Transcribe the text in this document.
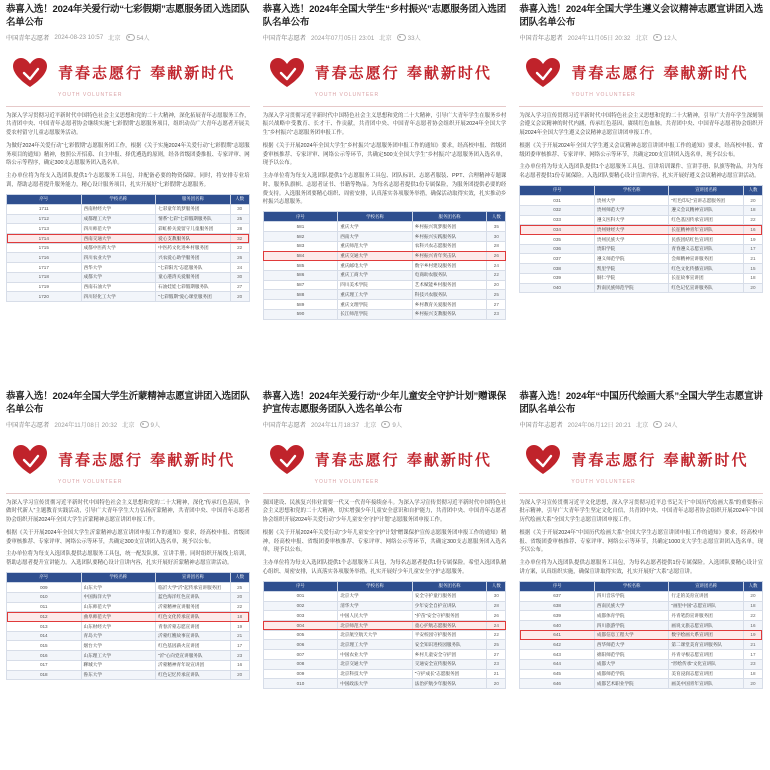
恭喜入选！2024年关爱行动“七彩假期”志愿服务团入选团队名单公布
中国青年志愿者 2024-08-23 10:57 北京	54人
青春志愿行 奉献新时代
YOUTH VOLUNTEER
为深入学习贯彻习近平新时代中国特色社会主义思想和党的二十大精神，深化拓展青年志愿服务工作，共青团中央、中国青年志愿者协会继续实施“七彩假期”志愿服务项目，组织动员广大青年志愿者开展关爱农村留守儿童志愿服务活动。
为做好2024年关爱行动“七彩假期”志愿服务团工作，根据《关于实施2024年关爱行动“七彩假期”志愿服务项目的通知》精神，按照公开招募、自主申报、择优遴选的原则，经各省级团委推报、专家评审、网络公示等程序，确定300支志愿服务团入选名单。
主办单位将为每支入选团队提供1个志愿服务工具包，并配备必要的物资保障。同时，将安排专业培训，帮助志愿者提升服务能力，精心设计服务项目，扎实开展好“七彩假期”志愿服务。
序号	学校名称	服务团名称	人数
1711	西南财经大学	七彩童年筑梦服务团	30
1712	成都理工大学	情系“七彩”七彩假期服务队	25
1713	四川师范大学	彩虹桥关爱留守儿童服务团	28
1714	西南交通大学	爱心支教服务队	32
1715	成都中医药大学	中医药文化进乡村服务团	22
1716	四川农业大学	兴农爱心助学服务团	26
1717	西华大学	“七彩阳光”志愿服务队	24
1718	成都大学	童心港湾关爱服务团	30
1719	西南石油大学	石油娃娃七彩假期服务队	27
1720	四川轻化工大学	“七彩假期”爱心课堂服务团	20
恭喜入选！2024年全国大学生“乡村振兴”志愿服务团入选团队名单公布
中国青年志愿者 2024年07月05日 23:01 北京	33人
青春志愿行 奉献新时代
YOUTH VOLUNTEER
为深入学习贯彻习近平新时代中国特色社会主义思想和党的二十大精神，引导广大青年学生在服务乡村振兴战略中受教育、长才干、作贡献，共青团中央、中国青年志愿者协会组织开展2024年全国大学生“乡村振兴”志愿服务团申报工作。
根据《关于开展2024年全国大学生“乡村振兴”志愿服务团申报工作的通知》要求，经高校申报、省级团委审核推荐、专家评审、网络公示等环节，共确定500支全国大学生“乡村振兴”志愿服务团入选名单，现予以公布。
主办单位将为每支入选团队提供1个志愿服务工具包、团队标识、志愿者服装、PPT、合理精神专题课时、服务队旗帜、志愿者证书、书籍等物品。为每名志愿者提供1份专属保险，为服务团提供必要的经费支持。入选服务团要精心组织、周密安排，认真落实各项服务举措，确保活动取得实效，扎实推动乡村振兴志愿服务。
序号	学校名称	服务团名称	人数
581	重庆大学	乡村振兴筑梦服务团	35
582	西南大学	乡村振兴实践服务队	30
583	重庆师范大学	农科兴农志愿服务团	28
584	重庆交通大学	乡村振兴青年突击队	26
585	重庆邮电大学	数字乡村建设服务团	24
586	重庆工商大学	电商助农服务队	22
587	四川美术学院	艺术赋能乡村服务团	20
588	重庆理工大学	科技兴农服务队	25
589	重庆文理学院	乡村教育关爱服务团	27
590	长江师范学院	乡村振兴支教服务队	23
恭喜入选！2024年全国大学生遵义会议精神志愿宣讲团入选团队名单公布
中国青年志愿者 2024年11月05日 20:32 北京	12人
青春志愿行 奉献新时代
YOUTH VOLUNTEER
为深入学习宣传贯彻习近平新时代中国特色社会主义思想和党的二十大精神，引导广大青年学生深刻领会遵义会议精神的时代内涵，传承红色基因，赓续红色血脉，共青团中央、中国青年志愿者协会组织开展2024年全国大学生遵义会议精神志愿宣讲团申报工作。
根据《关于开展2024年全国大学生遵义会议精神志愿宣讲团申报工作的通知》要求，经高校申报、省级团委审核推荐、专家评审、网络公示等环节，共确定200支宣讲团入选名单，现予以公布。
主办单位将为每支入选团队提供1个志愿服务工具包、宣讲培训课件、宣讲手册、队旗等物品，并为每名志愿者提供1份专属保险。入选团队要精心设计宣讲内容，扎实开展好遵义会议精神志愿宣讲活动。
序号	学校名称	宣讲团名称	人数
031	贵州大学	“红色印记”宣讲志愿服务团	20
032	贵州师范大学	遵义会议精神宣讲队	18
033	遵义医科大学	红色基因传承宣讲团	22
034	贵州财经大学	长征精神青年宣讲队	16
035	贵州民族大学	民族团结红色宣讲团	19
036	贵阳学院	青春遵义志愿宣讲队	17
037	遵义师范学院	会师精神宣讲服务团	21
038	凯里学院	红色文化传播宣讲队	15
039	铜仁学院	长征故事宣讲团	18
040	黔南民族师范学院	红色记忆宣讲服务队	20
恭喜入选！2024年全国大学生沂蒙精神志愿宣讲团入选团队名单公布
中国青年志愿者 2024年11月08日 20:32 北京	9人
青春志愿行 奉献新时代
YOUTH VOLUNTEER
为深入学习宣传贯彻习近平新时代中国特色社会主义思想和党的二十大精神，深化“传承红色基因，争做时代新人”主题教育实践活动，引导广大青年学生大力弘扬沂蒙精神，共青团中央、中国青年志愿者协会组织开展2024年全国大学生沂蒙精神志愿宣讲团申报工作。
根据《关于开展2024年全国大学生沂蒙精神志愿宣讲团申报工作的通知》要求，经高校申报、省级团委审核推荐、专家评审、网络公示等环节，共确定300支宣讲团入选名单，现予以公布。
主办单位将为每支入选团队提供志愿服务工具包，统一配发队旗、宣讲手册。同时组织开展线上培训，帮助志愿者提升宣讲能力。入选团队要精心设计宣讲内容，扎实开展好沂蒙精神志愿宣讲活动。
序号	学校名称	宣讲团名称	人数
009	山东大学	临沂大学“沂”起传承宣讲服务团	25
010	中国海洋大学	蓝色海洋红色宣讲队	20
011	山东师范大学	沂蒙精神宣讲服务团	22
012	曲阜师范大学	红色文化传承宣讲队	18
013	山东财经大学	青春沂蒙志愿宣讲团	19
014	青岛大学	沂蒙红嫂故事宣讲队	21
015	烟台大学	红色基因薪火宣讲团	17
016	山东理工大学	“沂”心向党宣讲服务队	23
017	聊城大学	沂蒙精神青年说宣讲团	16
018	鲁东大学	红色记忆传承宣讲队	20
恭喜入选！2024年关爱行动“少年儿童安全守护计划”赠课保护宣传志愿服务团队入选名单公布
中国青年志愿者 2024年11月18:37 北京	9人
青春志愿行 奉献新时代
YOUTH VOLUNTEER
强国建设、民族复兴伟业需要一代又一代青年接续奋斗。为深入学习宣传贯彻习近平新时代中国特色社会主义思想和党的二十大精神，切实增强少年儿童安全意识和自护能力，共青团中央、中国青年志愿者协会组织开展2024年关爱行动“少年儿童安全守护计划”志愿服务团申报工作。
根据《关于开展2024年关爱行动“少年儿童安全守护计划”赠课保护宣传志愿服务团申报工作的通知》精神，经高校申报、省级团委审核推荐、专家评审、网络公示等环节，共确定300支志愿服务团入选名单，现予以公布。
主办单位将为每支入选团队提供1个志愿服务工具包，为每名志愿者提供1份专属保险。希望入选团队精心组织、周密安排，认真落实各项服务举措，扎实开展好少年儿童安全守护志愿服务。
序号	学校名称	服务团名称	人数
001	北京大学	安全守护童行服务团	30
002	清华大学	少年安全自护宣讲队	28
003	中国人民大学	“护苗”安全守护服务团	26
004	北京师范大学	童心护航志愿服务队	24
005	北京航空航天大学	平安校园守护服务团	22
006	北京理工大学	安全知识进校园服务队	25
007	中国农业大学	乡村儿童安全守护团	27
008	北京交通大学	交通安全宣传服务队	23
009	北京科技大学	“守护成长”志愿服务团	21
010	中国政法大学	法治护航少年服务队	20
恭喜入选！2024年“中国历代绘画大系”全国大学生志愿宣讲团队名单公布
中国青年志愿者 2024年06月12日 20:21 北京	24人
青春志愿行 奉献新时代
YOUTH VOLUNTEER
为深入学习宣传贯彻习近平文化思想，深入学习贯彻习近平总书记关于“中国历代绘画大系”的重要指示批示精神，引导广大青年学生坚定文化自信，共青团中央、中国青年志愿者协会组织开展2024年“中国历代绘画大系”全国大学生志愿宣讲团申报工作。
根据《关于开展2024年“中国历代绘画大系”全国大学生志愿宣讲团申报工作的通知》要求，经高校申报、省级团委审核推荐、专家评审、网络公示等环节，共确定1000支大学生志愿宣讲团入选名单，现予以公布。
主办单位将为入选团队提供志愿服务工具包，为每名志愿者提供1份专属保险。入选团队要精心设计宣讲方案，认真组织实施，确保宣讲取得实效，扎实开展好“大系”志愿宣讲。
序号	学校名称	宣讲团名称	人数
637	四川音乐学院	行走的美育宣讲团	20
638	西南民族大学	“画里中国”志愿宣讲队	18
639	成都体育学院	丹青笔韵宣讲服务团	22
640	四川旅游学院	画说文旅志愿宣讲队	16
641	成都信息工程大学	数字绘画大系宣讲团	19
642	西华师范大学	第二课堂美育宣讲服务队	21
643	绵阳师范学院	丹青寻根志愿宣讲团	17
644	成都大学	“形绘传承”文化宣讲队	23
645	成都师范学院	美育浸润志愿宣讲团	18
646	成都艺术职业学院	画美中国青年宣讲队	20
